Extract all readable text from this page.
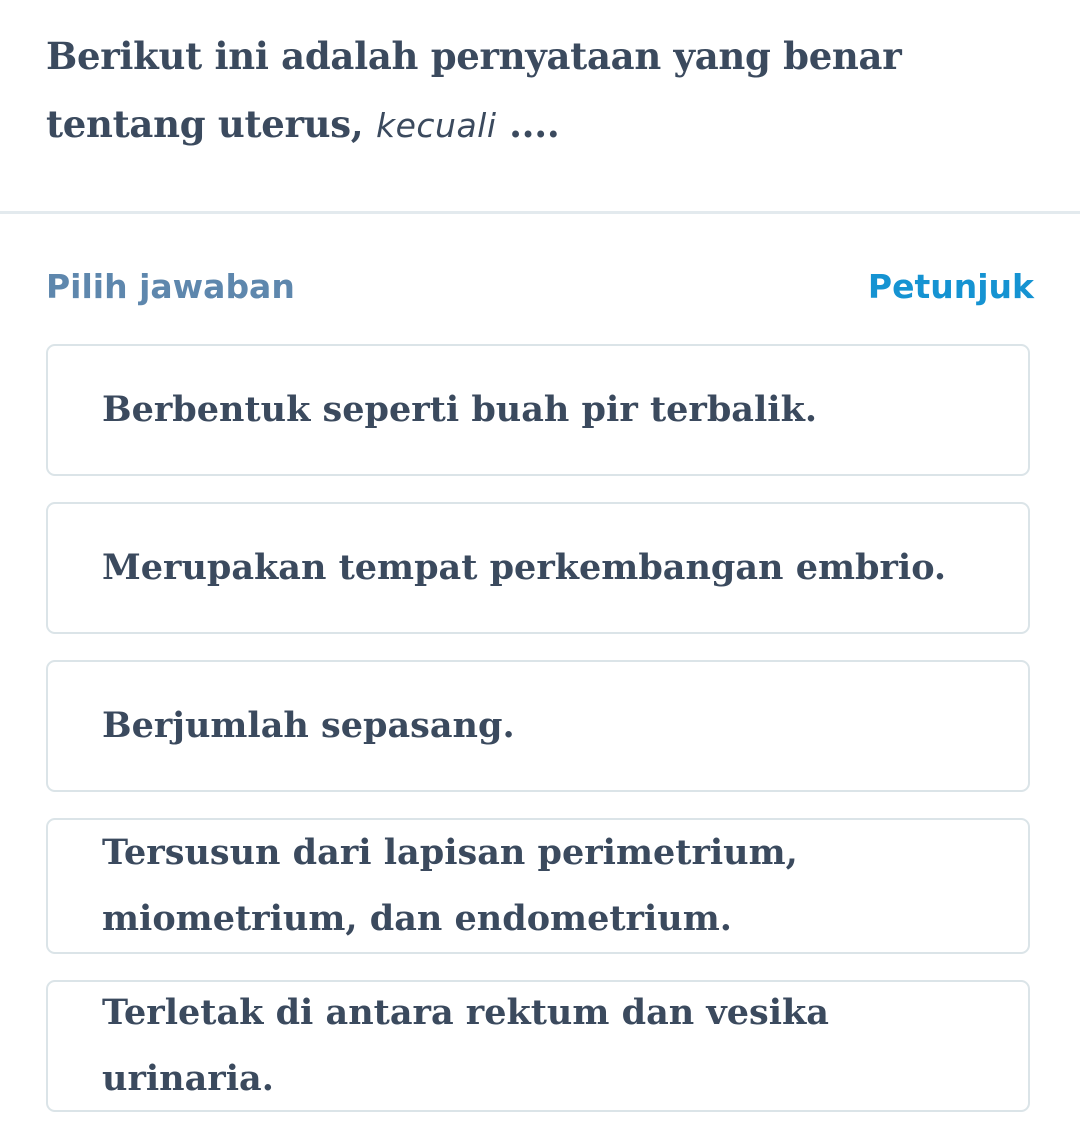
Berikut ini adalah pernyataan yang benar tentang uterus, kecuali ....
Pilih jawaban	Petunjuk
Berbentuk seperti buah pir terbalik.
Merupakan tempat perkembangan embrio.
Berjumlah sepasang.
Tersusun dari lapisan perimetrium, miometrium, dan endometrium.
Terletak di antara rektum dan vesika urinaria.
